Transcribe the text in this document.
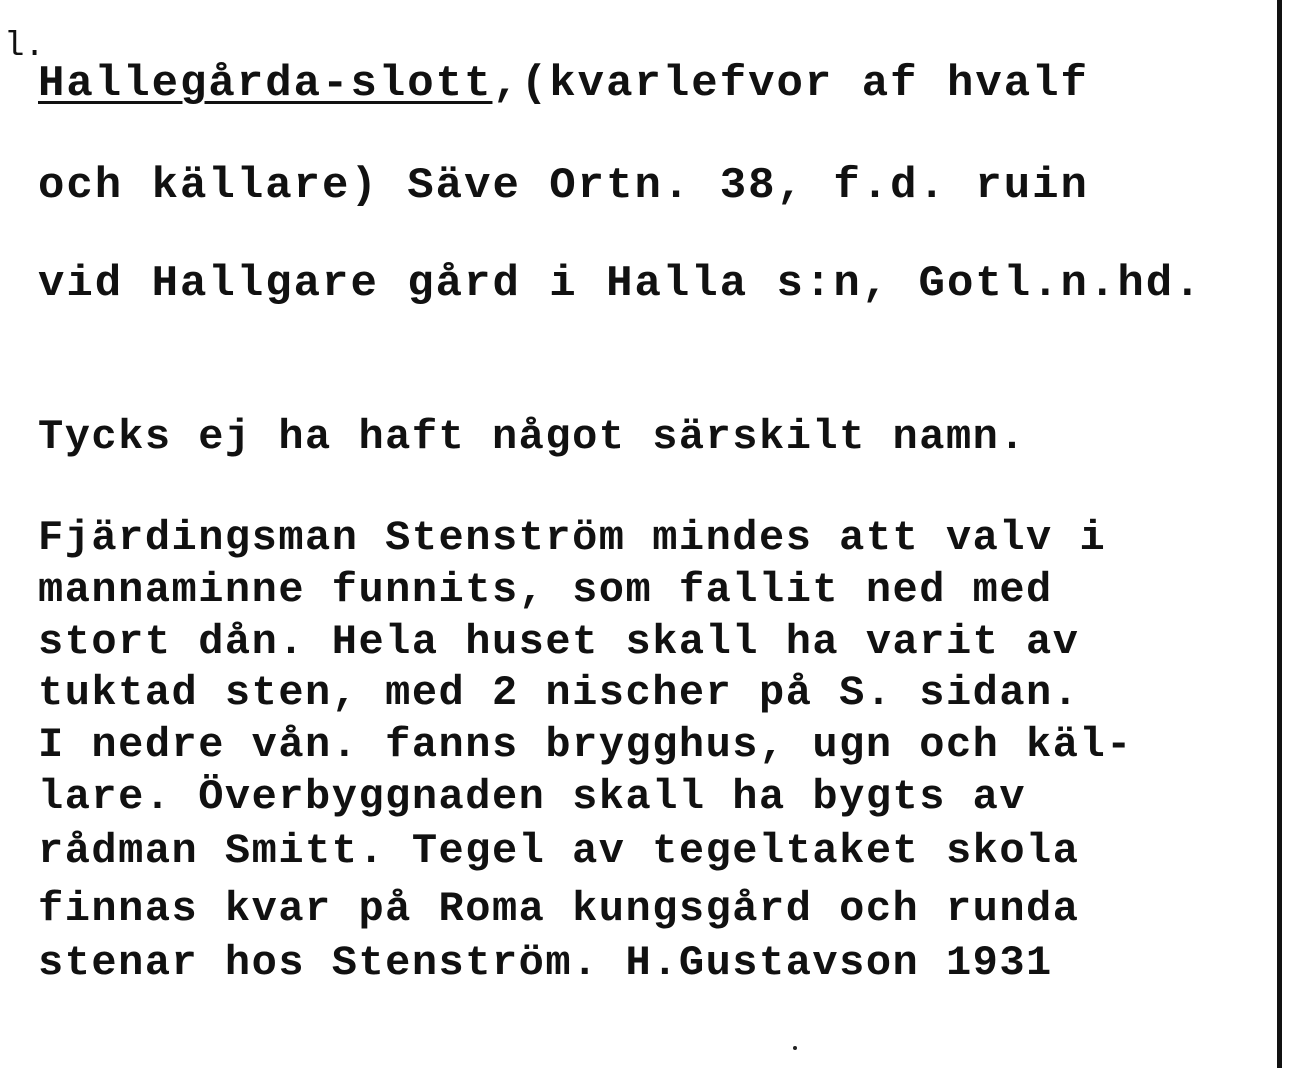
l.
Hallegårda-slott,(kvarlefvor af hvalf
och källare) Säve Ortn. 38, f.d. ruin
vid Hallgare gård i Halla s:n, Gotl.n.hd.
Tycks ej ha haft något särskilt namn.
Fjärdingsman Stenström mindes att valv i
mannaminne funnits, som fallit ned med
stort dån. Hela huset skall ha varit av
tuktad sten, med 2 nischer på S. sidan.
I nedre vån. fanns brygghus, ugn och käl-
lare. Överbyggnaden skall ha bygts av
rådman Smitt. Tegel av tegeltaket skola
finnas kvar på Roma kungsgård och runda
stenar hos Stenström. H.Gustavson 1931
